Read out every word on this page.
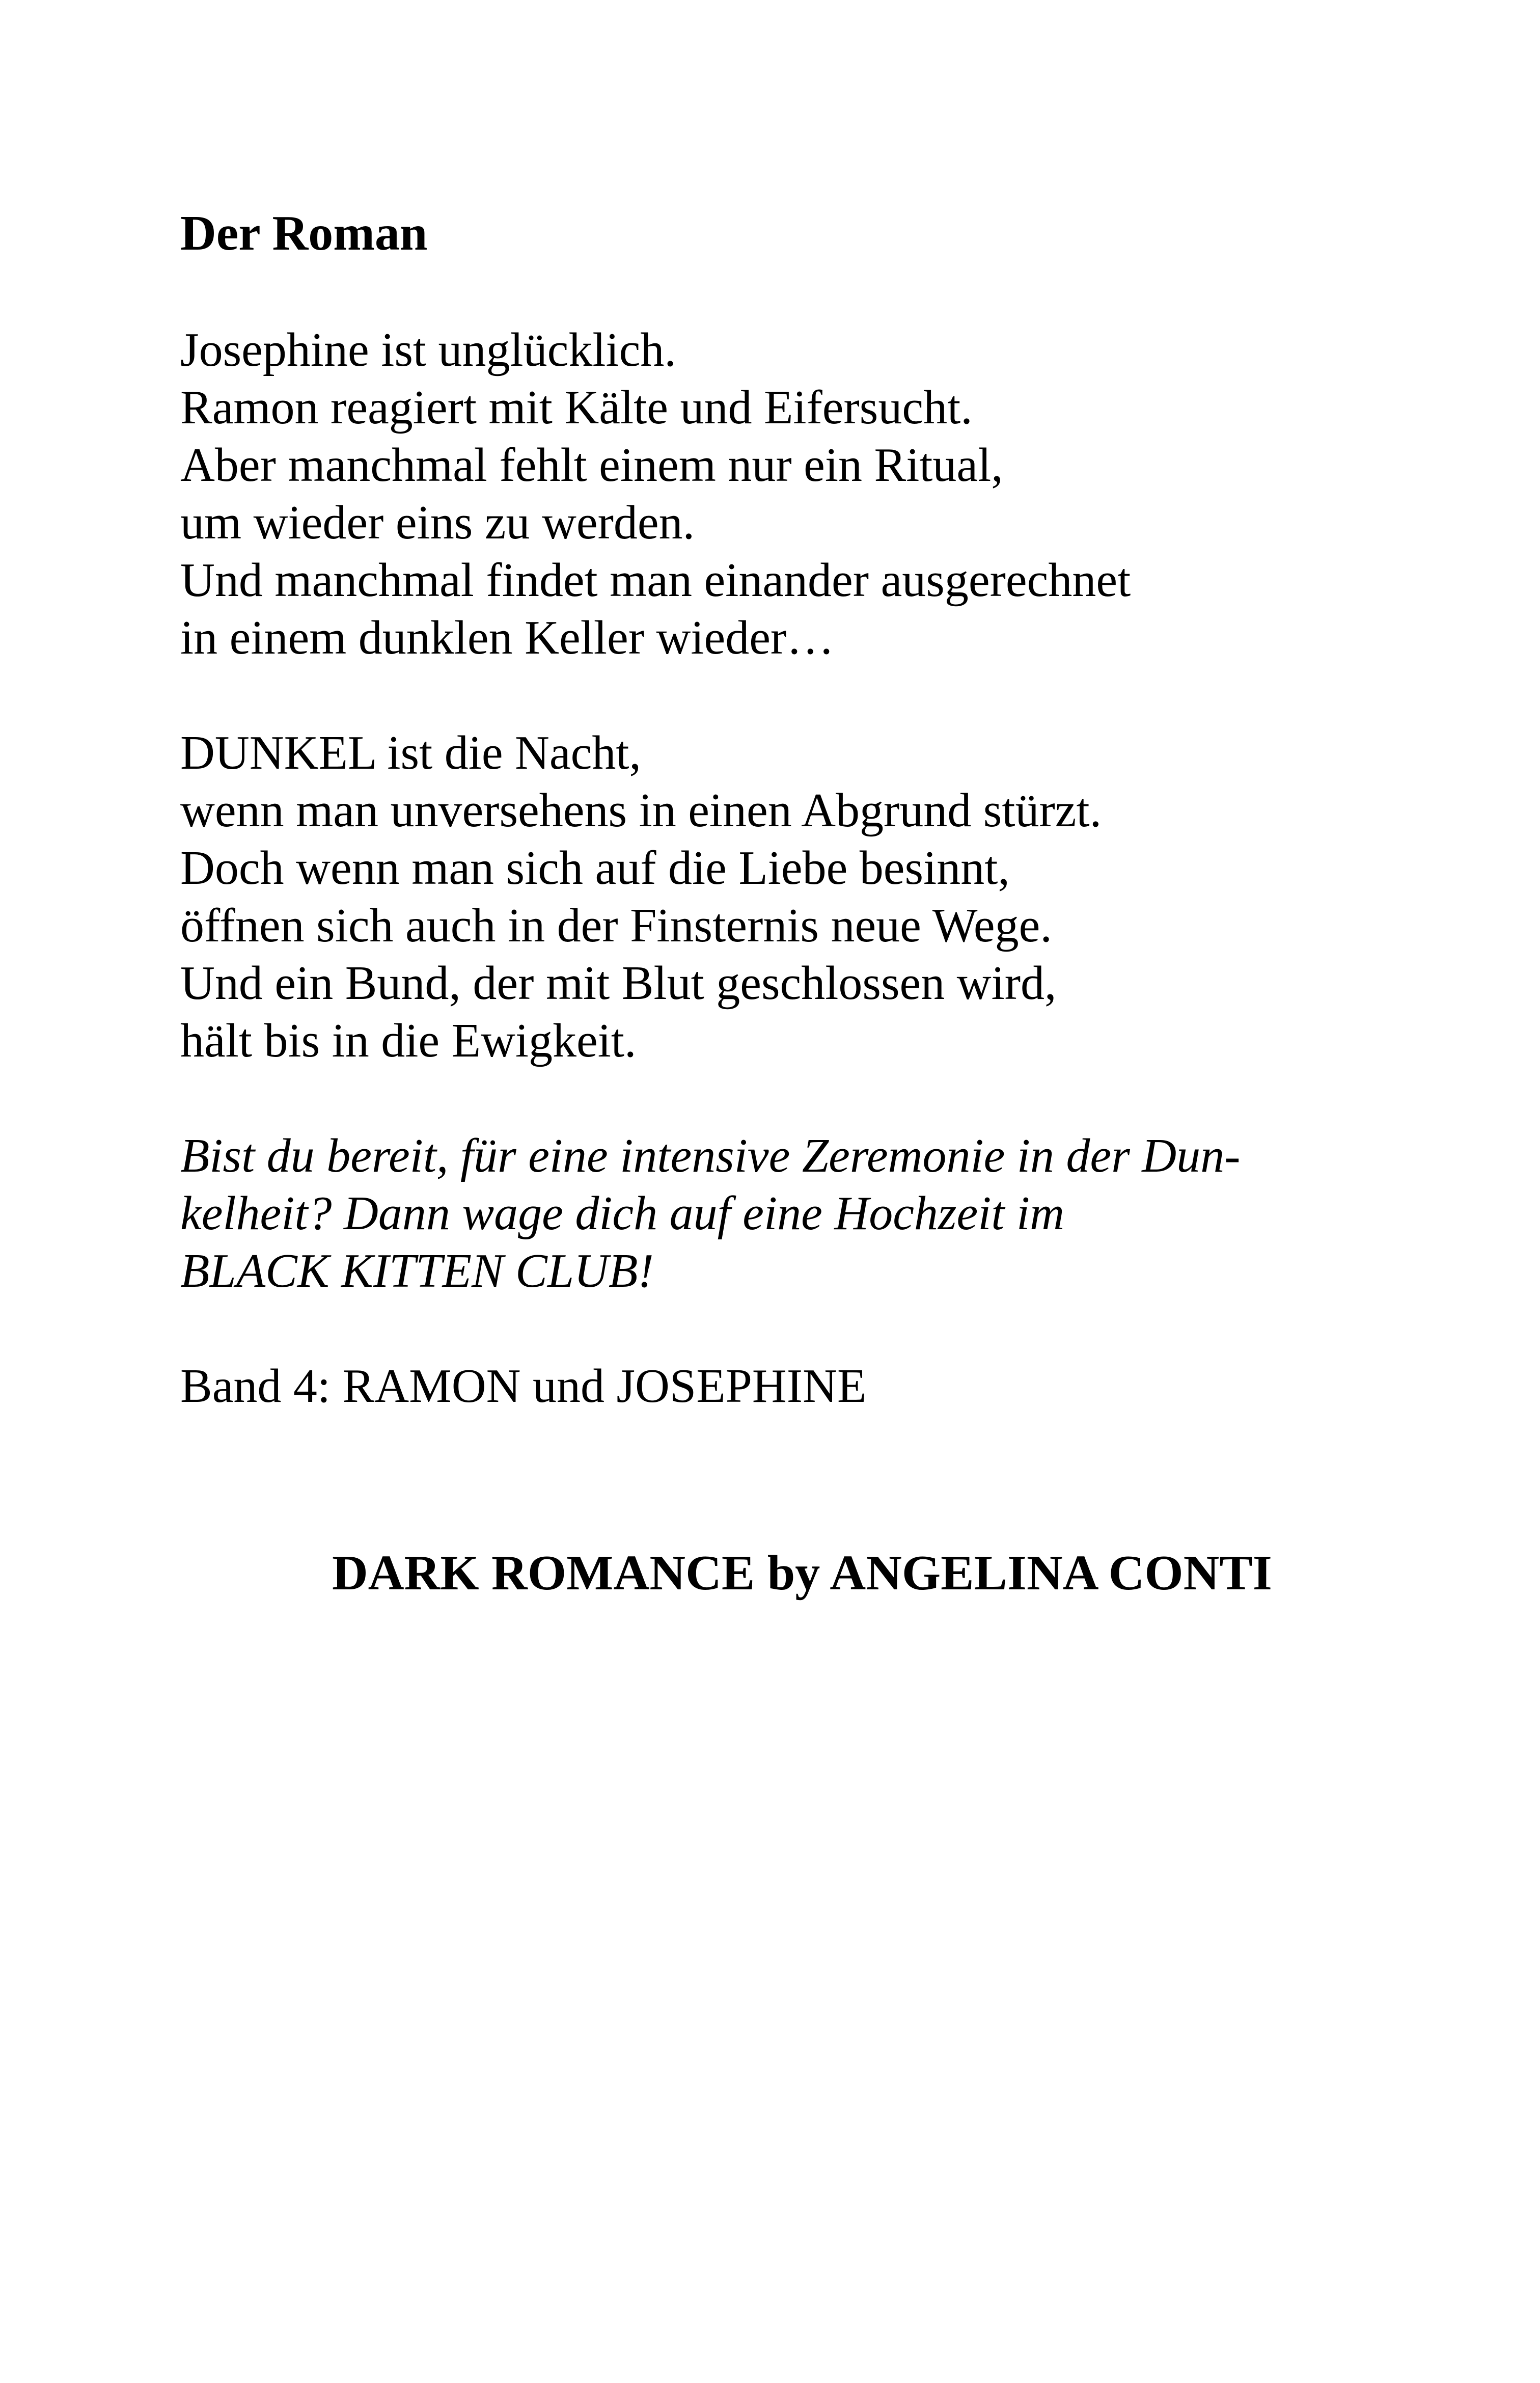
Der Roman

Josephine ist unglücklich.
Ramon reagiert mit Kälte und Eifersucht.
Aber manchmal fehlt einem nur ein Ritual,
um wieder eins zu werden.
Und manchmal findet man einander ausgerechnet
in einem dunklen Keller wieder…

DUNKEL ist die Nacht,
wenn man unversehens in einen Abgrund stürzt.
Doch wenn man sich auf die Liebe besinnt,
öffnen sich auch in der Finsternis neue Wege.
Und ein Bund, der mit Blut geschlossen wird,
hält bis in die Ewigkeit.

Bist du bereit, für eine intensive Zeremonie in der Dun-
kelheit? Dann wage dich auf eine Hochzeit im
BLACK KITTEN CLUB!

Band 4: RAMON und JOSEPHINE

DARK ROMANCE by ANGELINA CONTI
